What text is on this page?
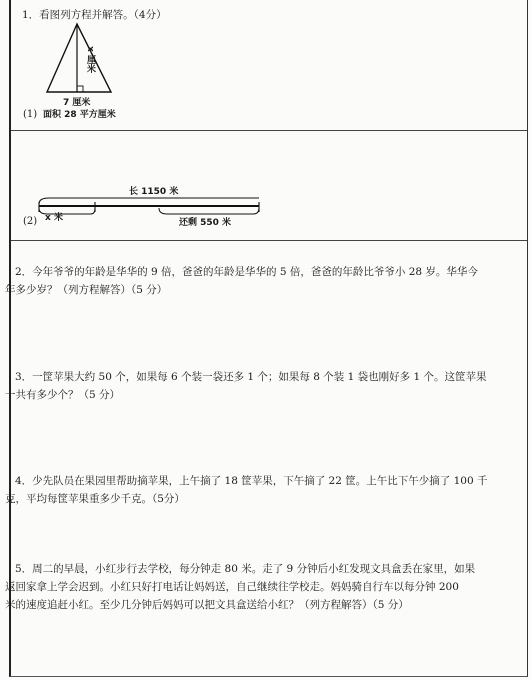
1．看图列方程并解答。（4分）
x 厘米
7 厘米
(1) 面积 28 平方厘米
长 1150 米
(2) x 米	还剩 550 米
2．今年爷爷的年龄是华华的 9 倍，爸爸的年龄是华华的 5 倍，爸爸的年龄比爷爷小 28 岁。华华今
年多少岁？（列方程解答）（5 分）
3．一筐苹果大约 50 个，如果每 6 个装一袋还多 1 个；如果每 8 个装 1 袋也刚好多 1 个。这筐苹果
一共有多少个？（5 分）
4．少先队员在果园里帮助摘苹果，上午摘了 18 筐苹果，下午摘了 22 筐。上午比下午少摘了 100 千
克，平均每筐苹果重多少千克。（5分）
5．周二的早晨，小红步行去学校，每分钟走 80 米。走了 9 分钟后小红发现文具盒丢在家里，如果
返回家拿上学会迟到。小红只好打电话让妈妈送，自己继续往学校走。妈妈骑自行车以每分钟 200
米的速度追赶小红。至少几分钟后妈妈可以把文具盒送给小红？（列方程解答）（5 分）
